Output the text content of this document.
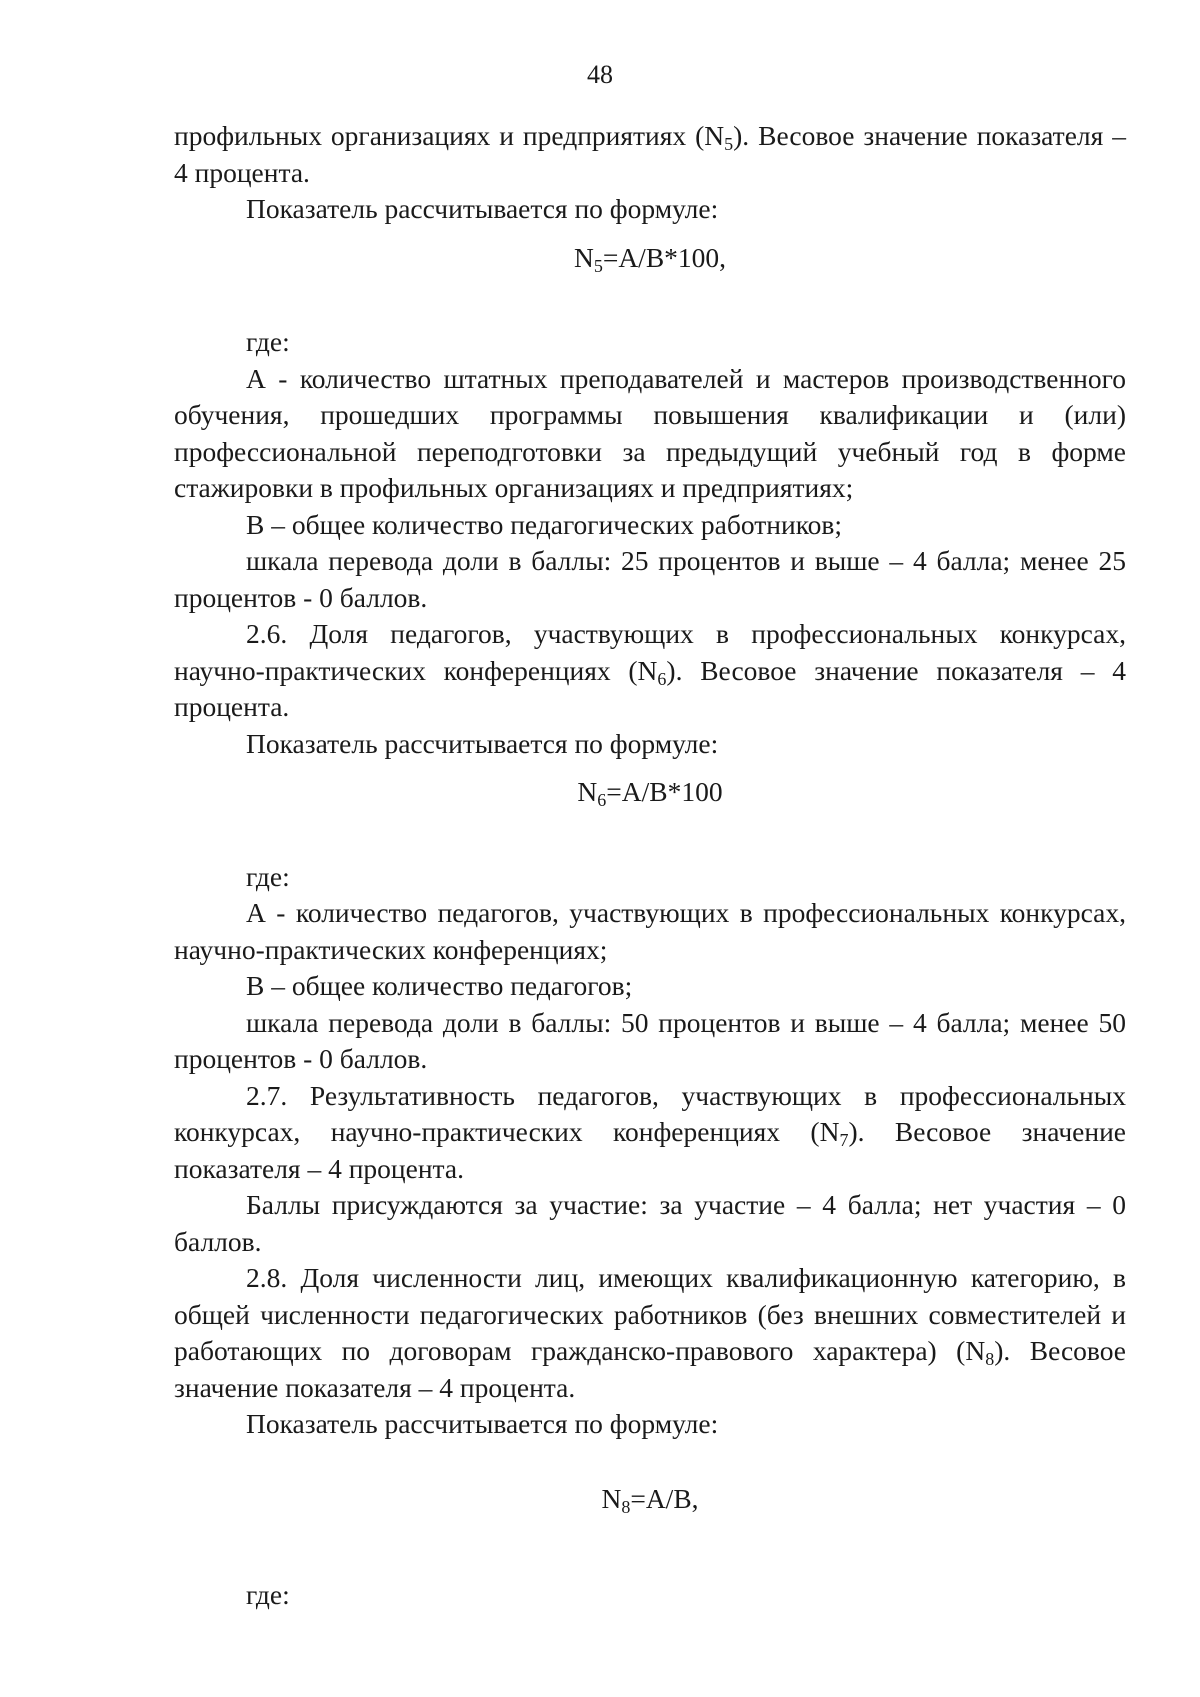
48

профильных организациях и предприятиях $(N_5)$. Весовое значение показателя – 4 процента.

Показатель рассчитывается по формуле:

$N_5=A/B*100$,

где:

А - количество штатных преподавателей и мастеров производственного обучения, прошедших программы повышения квалификации и (или) профессиональной переподготовки за предыдущий учебный год в форме стажировки в профильных организациях и предприятиях;

В – общее количество педагогических работников;

шкала перевода доли в баллы: 25 процентов и выше – 4 балла; менее 25 процентов - 0 баллов.

2.6. Доля педагогов, участвующих в профессиональных конкурсах, научно-практических конференциях $(N_6)$. Весовое значение показателя – 4 процента.

Показатель рассчитывается по формуле:

$N_6=A/B*100$

где:

А - количество педагогов, участвующих в профессиональных конкурсах, научно-практических конференциях;

В – общее количество педагогов;

шкала перевода доли в баллы: 50 процентов и выше – 4 балла; менее 50 процентов - 0 баллов.

2.7. Результативность педагогов, участвующих в профессиональных конкурсах, научно-практических конференциях $(N_7)$. Весовое значение показателя – 4 процента.

Баллы присуждаются за участие: за участие – 4 балла; нет участия – 0 баллов.

2.8. Доля численности лиц, имеющих квалификационную категорию, в общей численности педагогических работников (без внешних совместителей и работающих по договорам гражданско-правового характера) $(N_8)$. Весовое значение показателя – 4 процента.

Показатель рассчитывается по формуле:

$N_8=A/B$,

где:
